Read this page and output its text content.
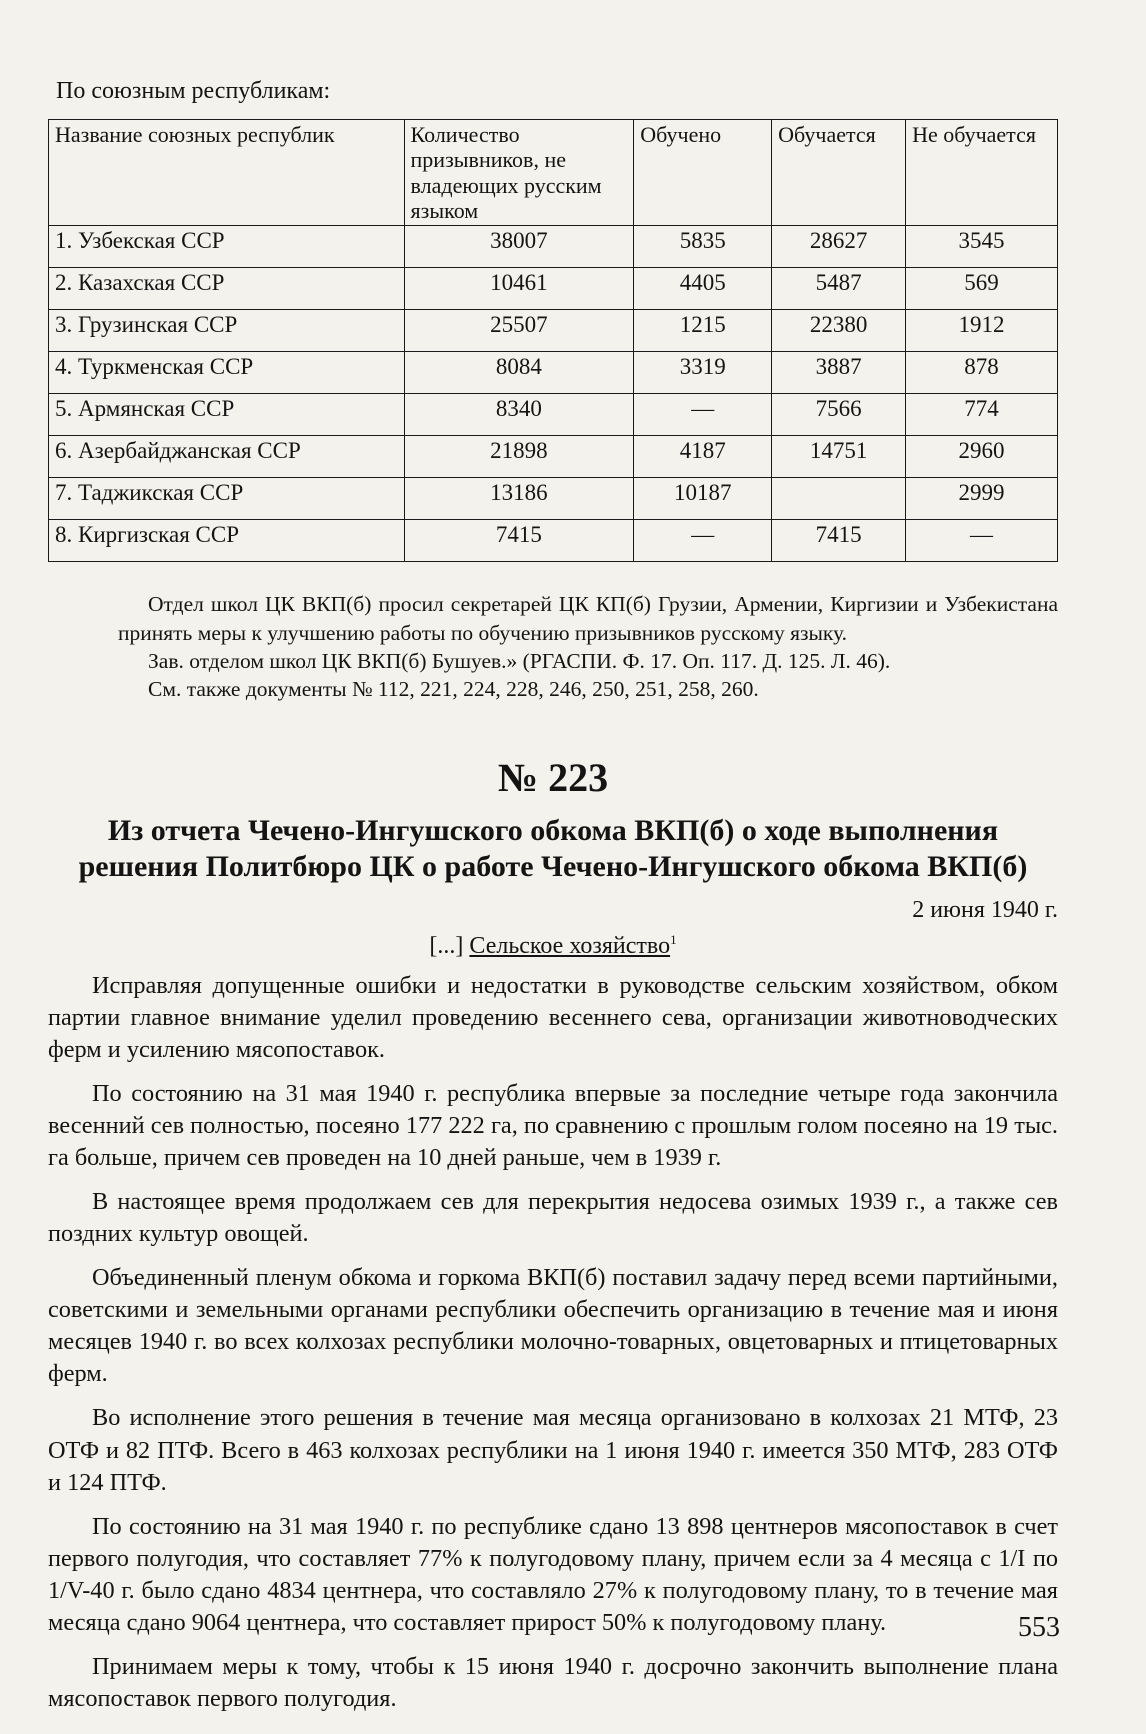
По союзным республикам:
Название союзных республик	Количество призывников, не владеющих русским языком	Обучено	Обучается	Не обучается
1. Узбекская ССР	38007	5835	28627	3545
2. Казахская ССР	10461	4405	5487	569
3. Грузинская ССР	25507	1215	22380	1912
4. Туркменская ССР	8084	3319	3887	878
5. Армянская ССР	8340	—	7566	774
6. Азербайджанская ССР	21898	4187	14751	2960
7. Таджикская ССР	13186	10187		2999
8. Киргизская ССР	7415	—	7415	—

Отдел школ ЦК ВКП(б) просил секретарей ЦК КП(б) Грузии, Армении, Киргизии и Узбекистана принять меры к улучшению работы по обучению призывников русскому языку.

Зав. отделом школ ЦК ВКП(б) Бушуев.» (РГАСПИ. Ф. 17. Оп. 117. Д. 125. Л. 46).

См. также документы № 112, 221, 224, 228, 246, 250, 251, 258, 260.

№ 223
Из отчета Чечено-Ингушского обкома ВКП(б) о ходе выполнения
решения Политбюро ЦК о работе Чечено-Ингушского обкома ВКП(б)
2 июня 1940 г.
[...] Сельское хозяйство$^1$

Исправляя допущенные ошибки и недостатки в руководстве сельским хозяйством, обком партии главное внимание уделил проведению весеннего сева, организации животноводческих ферм и усилению мясопоставок.

По состоянию на 31 мая 1940 г. республика впервые за последние четыре года закончила весенний сев полностью, посеяно 177 222 га, по сравнению с прошлым голом посеяно на 19 тыс. га больше, причем сев проведен на 10 дней раньше, чем в 1939 г.

В настоящее время продолжаем сев для перекрытия недосева озимых 1939 г., а также сев поздних культур овощей.

Объединенный пленум обкома и горкома ВКП(б) поставил задачу перед всеми партийными, советскими и земельными органами республики обеспечить организацию в течение мая и июня месяцев 1940 г. во всех колхозах республики молочно-товарных, овцетоварных и птицетоварных ферм.

Во исполнение этого решения в течение мая месяца организовано в колхозах 21 МТФ, 23 ОТФ и 82 ПТФ. Всего в 463 колхозах республики на 1 июня 1940 г. имеется 350 МТФ, 283 ОТФ и 124 ПТФ.

По состоянию на 31 мая 1940 г. по республике сдано 13 898 центнеров мясопоставок в счет первого полугодия, что составляет 77% к полугодовому плану, причем если за 4 месяца с 1/I по 1/V-40 г. было сдано 4834 центнера, что составляло 27% к полугодовому плану, то в течение мая месяца сдано 9064 центнера, что составляет прирост 50% к полугодовому плану.

Принимаем меры к тому, чтобы к 15 июня 1940 г. досрочно закончить выполнение плана мясопоставок первого полугодия.

553
